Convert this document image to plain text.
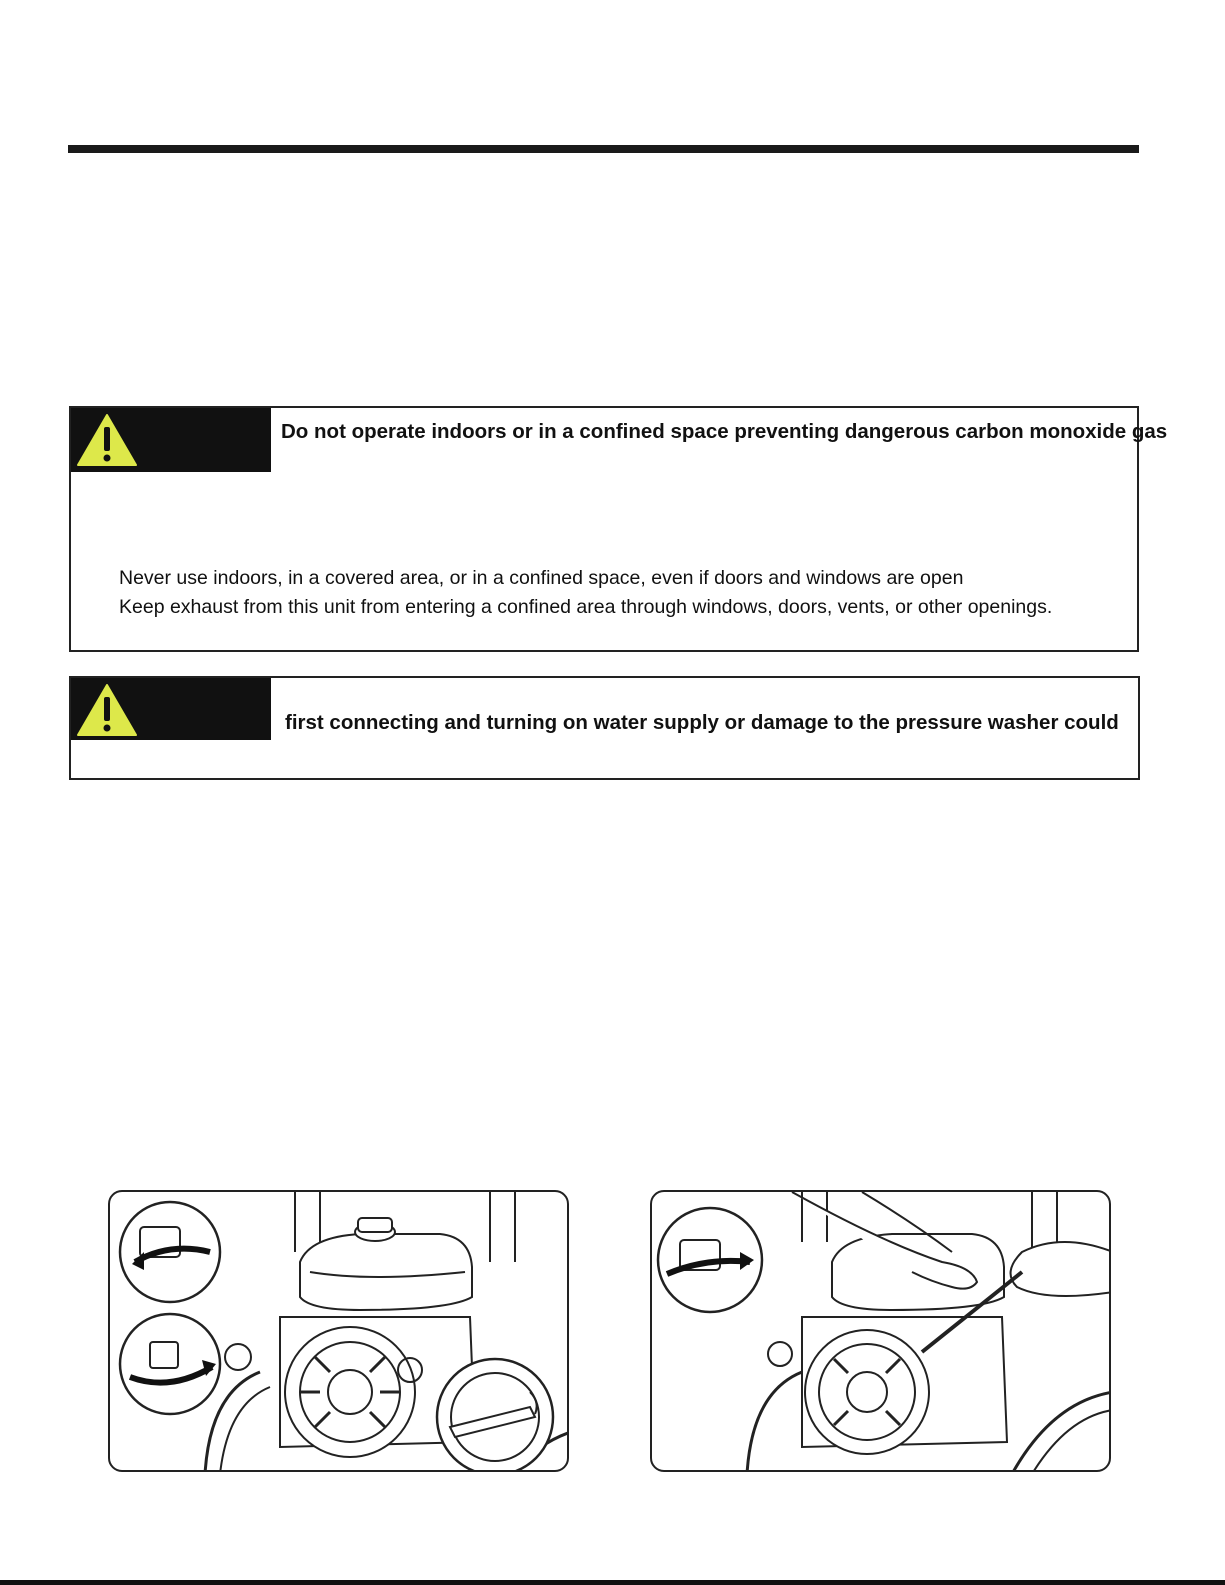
Do not operate indoors or in a confined space preventing dangerous carbon monoxide gas
Never use indoors, in a covered area, or in a confined space, even if doors and windows are open
Keep exhaust from this unit from entering a confined area through windows, doors, vents, or other openings.
first connecting and turning on water supply or damage to the pressure washer could
